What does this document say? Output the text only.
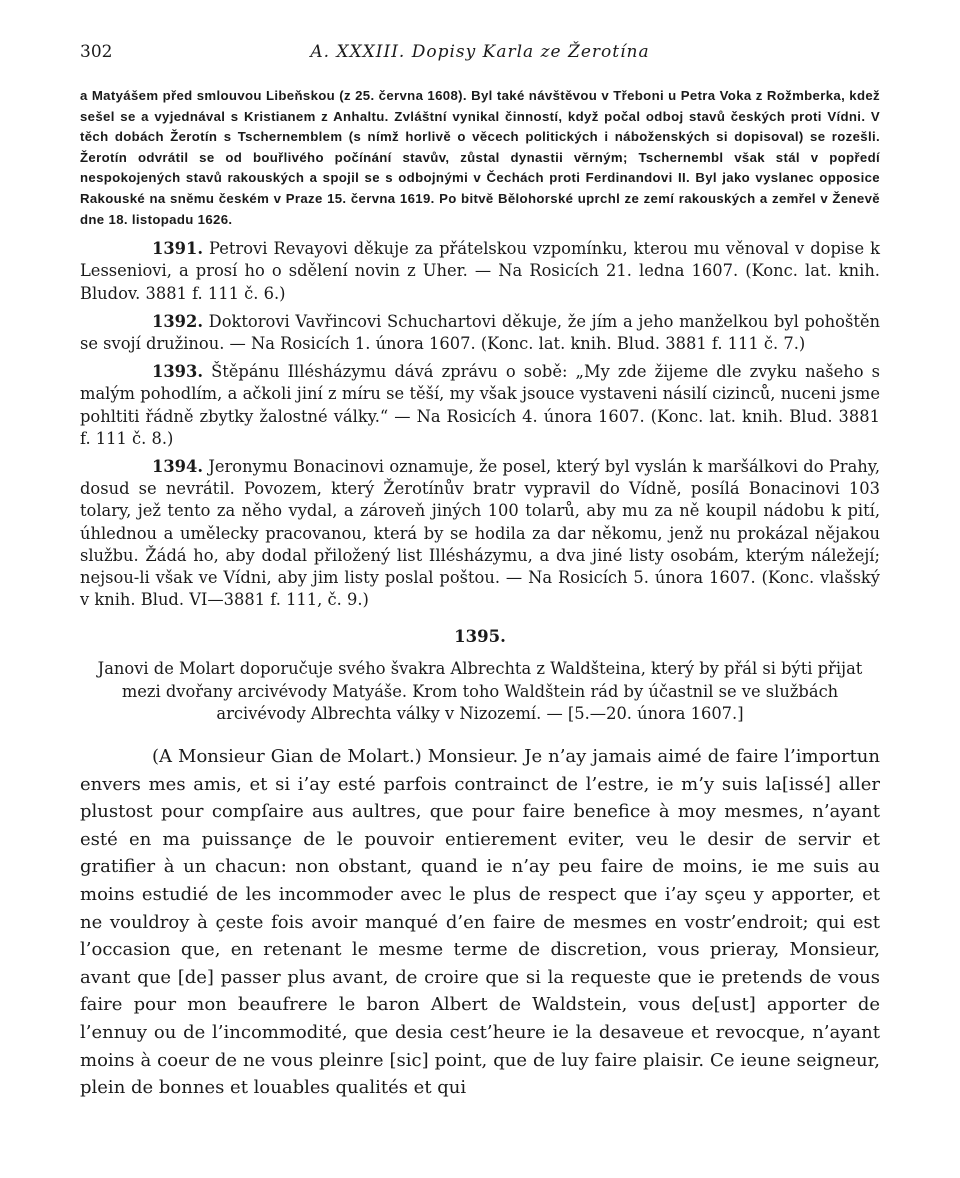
302	A. XXXIII. Dopisy Karla ze Žerotína

a Matyášem před smlouvou Libeňskou (z 25. června 1608). Byl také návštěvou v Třeboni u Petra Voka z Rožmberka, kdež sešel se a vyjednával s Kristianem z Anhaltu. Zvláštní vynikal činností, když počal odboj stavů českých proti Vídni. V těch dobách Žerotín s Tschernemblem (s nímž horlivě o věcech politických i náboženských si dopisoval) se rozešli. Žerotín odvrátil se od bouřlivého počínání stavův, zůstal dynastii věrným; Tschernembl však stál v popředí nespokojených stavů rakouských a spojil se s odbojnými v Čechách proti Ferdinandovi II. Byl jako vyslanec opposice Rakouské na sněmu českém v Praze 15. června 1619. Po bitvě Bělohorské uprchl ze zemí rakouských a zemřel v Ženevě dne 18. listopadu 1626.

1391. Petrovi Revayovi děkuje za přátelskou vzpomínku, kterou mu věnoval v dopise k Lesseniovi, a prosí ho o sdělení novin z Uher. — Na Rosicích 21. ledna 1607. (Konc. lat. knih. Bludov. 3881 f. 111 č. 6.)

1392. Doktorovi Vavřincovi Schuchartovi děkuje, že jím a jeho manželkou byl pohoštěn se svojí družinou. — Na Rosicích 1. února 1607. (Konc. lat. knih. Blud. 3881 f. 111 č. 7.)

1393. Štěpánu Illésházymu dává zprávu o sobě: „My zde žijeme dle zvyku našeho s malým pohodlím, a ačkoli jiní z míru se těší, my však jsouce vystaveni násilí cizinců, nuceni jsme pohltiti řádně zbytky žalostné války.“ — Na Rosicích 4. února 1607. (Konc. lat. knih. Blud. 3881 f. 111 č. 8.)

1394. Jeronymu Bonacinovi oznamuje, že posel, který byl vyslán k maršálkovi do Prahy, dosud se nevrátil. Povozem, který Žerotínův bratr vypravil do Vídně, posílá Bonacinovi 103 tolary, jež tento za něho vydal, a zároveň jiných 100 tolarů, aby mu za ně koupil nádobu k pití, úhlednou a umělecky pracovanou, která by se hodila za dar někomu, jenž nu prokázal nějakou službu. Žádá ho, aby dodal přiložený list Illésházymu, a dva jiné listy osobám, kterým náležejí; nejsou-li však ve Vídni, aby jim listy poslal poštou. — Na Rosicích 5. února 1607. (Konc. vlašský v knih. Blud. VI—3881 f. 111, č. 9.)

1395.
Janovi de Molart doporučuje svého švakra Albrechta z Waldšteina, který by přál si býti přijat mezi dvořany arcivévody Matyáše. Krom toho Waldštein rád by účastnil se ve službách arcivévody Albrechta války v Nizozemí. — [5.—20. února 1607.]

(A Monsieur Gian de Molart.) Monsieur. Je n’ay jamais aimé de faire l’importun envers mes amis, et si i’ay esté parfois contrainct de l’estre, ie m’y suis la[issé] aller plustost pour compſaire aus aultres, que pour faire benefice à moy mesmes, n’ayant esté en ma puissançe de le pouvoir entierement eviter, veu le desir de servir et gratifier à un chacun: non obstant, quand ie n’ay peu faire de moins, ie me suis au moins estudié de les incommoder avec le plus de respect que i’ay sçeu y apporter, et ne vouldroy à çeste fois avoir manqué d’en faire de mesmes en vostr’endroit; qui est l’occasion que, en retenant le mesme terme de discretion, vous prieray, Monsieur, avant que [de] passer plus avant, de croire que si la requeste que ie pretends de vous faire pour mon beaufrere le baron Albert de Waldstein, vous de[ust] apporter de l’ennuy ou de l’incommodité, que desia cest’heure ie la desaveue et revocque, n’ayant moins à coeur de ne vous pleinre [sic] point, que de luy faire plaisir. Ce ieune seigneur, plein de bonnes et louables qualités et qui
